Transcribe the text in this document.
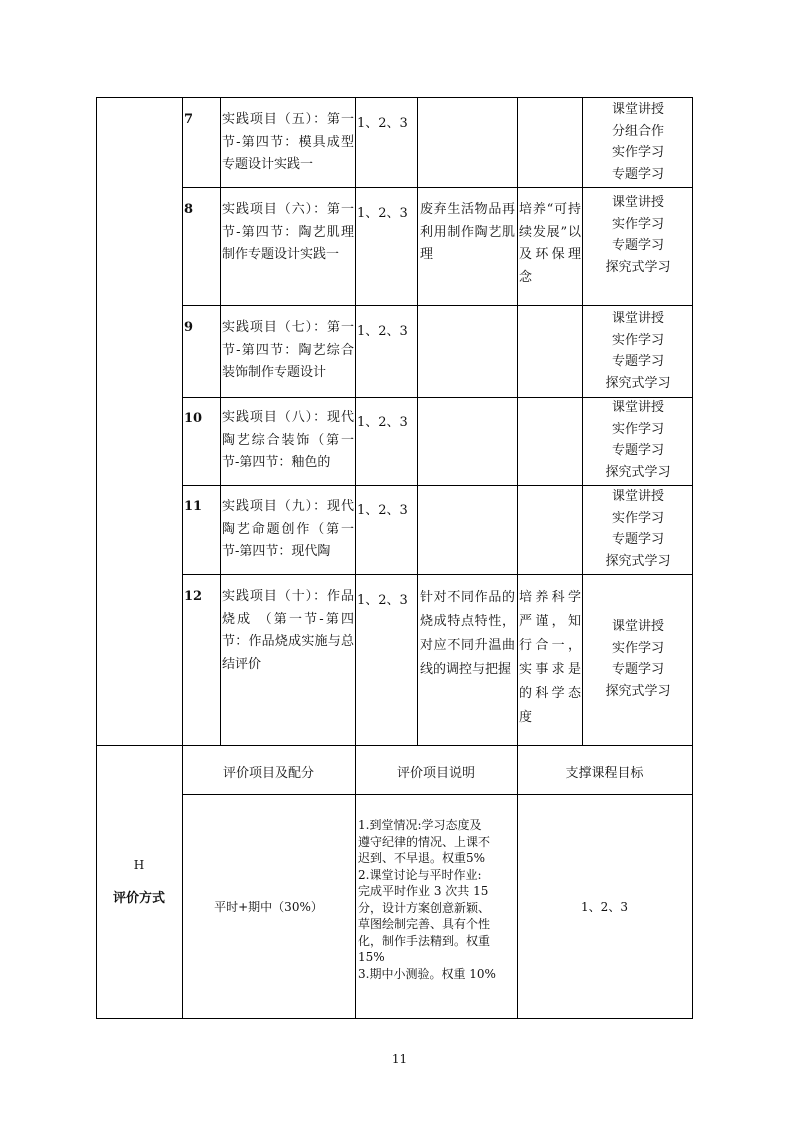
7 实践项目（五）：第一节-第四节：模具成型专题设计实践一
1、2、3
课堂讲授
分组合作
实作学习
专题学习
8 实践项目（六）：第一节-第四节：陶艺肌理制作专题设计实践一
1、2、3 废弃生活物品再利用制作陶艺肌理
培养“可持续发展”以及环保理念
课堂讲授
实作学习
专题学习
探究式学习
9 实践项目（七）：第一节-第四节：陶艺综合装饰制作专题设计
1、2、3
课堂讲授
实作学习
专题学习
探究式学习
10 实践项目（八）：现代陶艺综合装饰（第一节-第四节：釉色的
1、2、3
课堂讲授
实作学习
专题学习
探究式学习
11 实践项目（九）：现代陶艺命题创作（第一节-第四节：现代陶
1、2、3
课堂讲授
实作学习
专题学习
探究式学习
12 实践项目（十）：作品烧成 （第一节-第四节：作品烧成实施与总结评价
1、2、3 针对不同作品的烧成特点特性，对应不同升温曲线的调控与把握
培养科学严谨，知行合一，实事求是的科学态度
课堂讲授
实作学习
专题学习
探究式学习
H
评价方式
评价项目及配分	评价项目说明	支撑课程目标
平时+期中（30%）
1.到堂情况:学习态度及
遵守纪律的情况、上课不
迟到、不早退。权重5%
2.课堂讨论与平时作业:
完成平时作业 3 次共 15
分，设计方案创意新颖、
草图绘制完善、具有个性
化，制作手法精到。权重
15%
3.期中小测验。权重 10%
1、2、3
11
